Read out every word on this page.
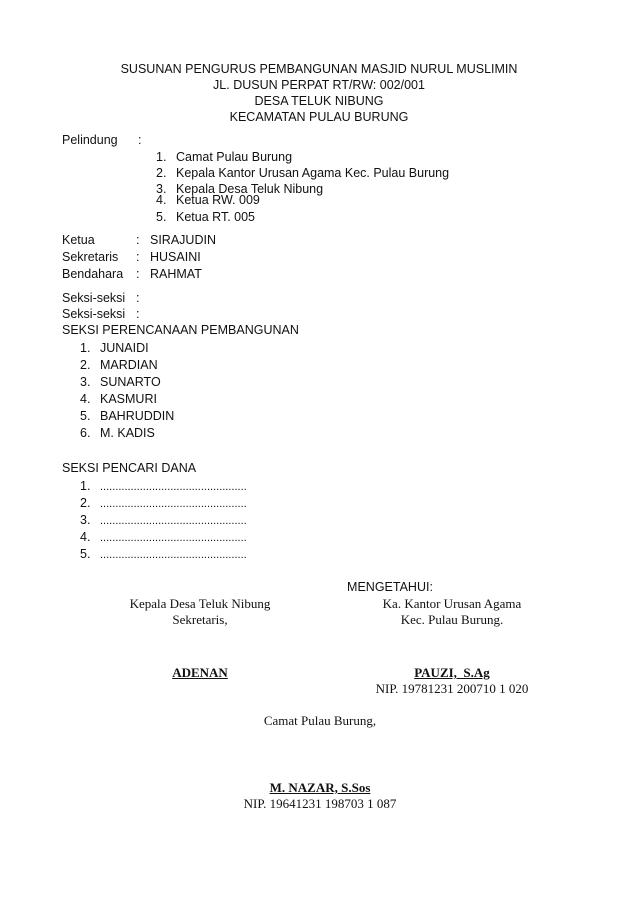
SUSUNAN PENGURUS PEMBANGUNAN MASJID NURUL MUSLIMIN
JL. DUSUN PERPAT RT/RW: 002/001
DESA TELUK NIBUNG
KECAMATAN PULAU BURUNG
Pelindung :
1. Camat Pulau Burung
2. Kepala Kantor Urusan Agama Kec. Pulau Burung
3. Kepala Desa Teluk Nibung
4. Ketua RW. 009
5. Ketua RT. 005
Ketua	: SIRAJUDIN
Sekretaris : HUSAINI
Bendahara : RAHMAT
Seksi-seksi :
Seksi-seksi :
SEKSI PERENCANAAN PEMBANGUNAN
1. JUNAIDI
2. MARDIAN
3. SUNARTO
4. KASMURI
5. BAHRUDDIN
6. M. KADIS
SEKSI PENCARI DANA
1. ................................................
2. ................................................
3. ................................................
4. ................................................
5. ................................................
MENGETAHUI:
Kepala Desa Teluk Nibung
Sekretaris,
Ka. Kantor Urusan Agama
Kec. Pulau Burung.
ADENAN	PAUZI,  S.Ag
NIP. 19781231 200710 1 020
Camat Pulau Burung,
M. NAZAR, S.Sos
NIP. 19641231 198703 1 087
